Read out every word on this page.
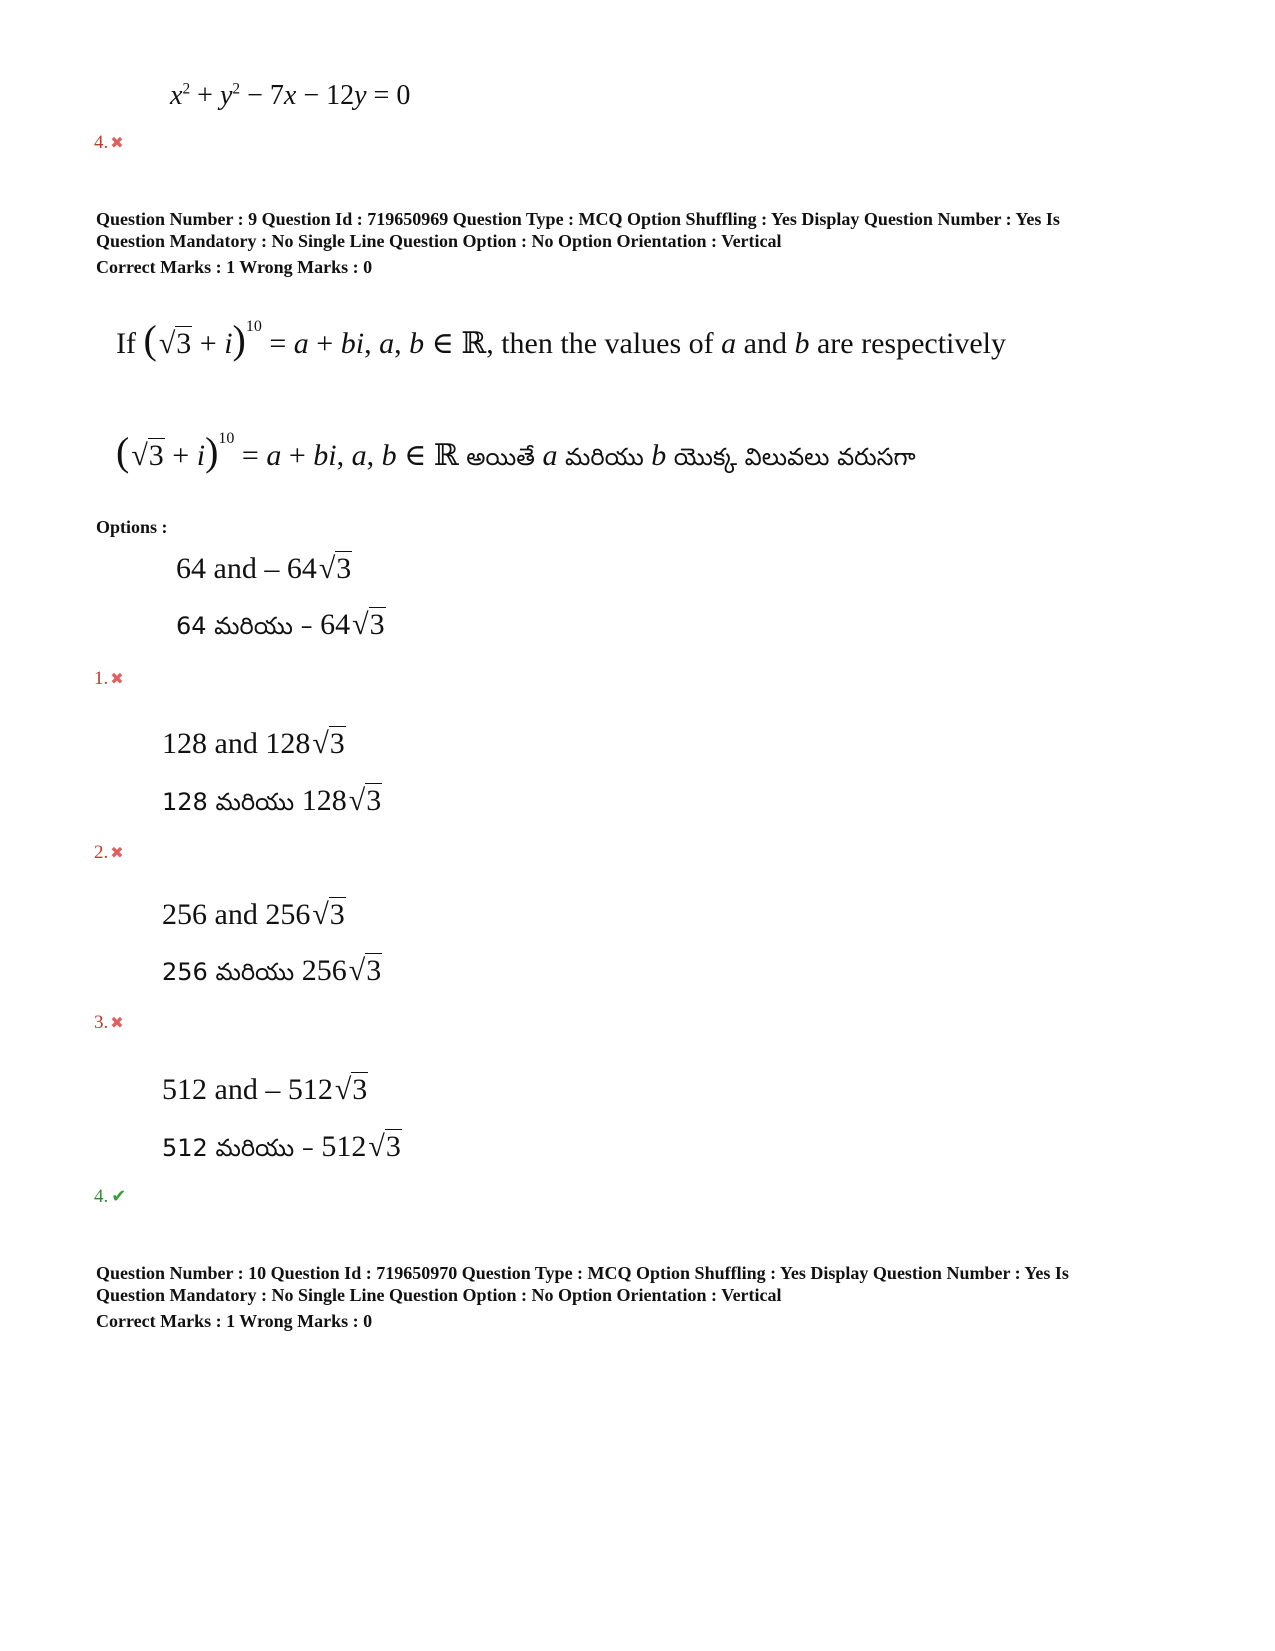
$x^2 + y^2 - 7x - 12y = 0$
4. ✖
Question Number : 9 Question Id : 719650969 Question Type : MCQ Option Shuffling : Yes Display Question Number : Yes Is
Question Mandatory : No Single Line Question Option : No Option Orientation : Vertical
Correct Marks : 1 Wrong Marks : 0
If $(√3 + i)^{10} = a$ + bi, a, b ∈ ℝ, then the values of a and b are respectively
$(√3 + i)^{10} = a$ + bi, a, b ∈ ℝ అయితే a మరియు b యొక్క విలువలు వరుసగా
Options :
64 and – 64√3
64 మరియు – 64√3
1. ✖
128 and 128√3
128 మరియు 128√3
2. ✖
256 and 256√3
256 మరియు 256√3
3. ✖
512 and – 512√3
512 మరియు – 512√3
4. ✔
Question Number : 10 Question Id : 719650970 Question Type : MCQ Option Shuffling : Yes Display Question Number : Yes Is
Question Mandatory : No Single Line Question Option : No Option Orientation : Vertical
Correct Marks : 1 Wrong Marks : 0
